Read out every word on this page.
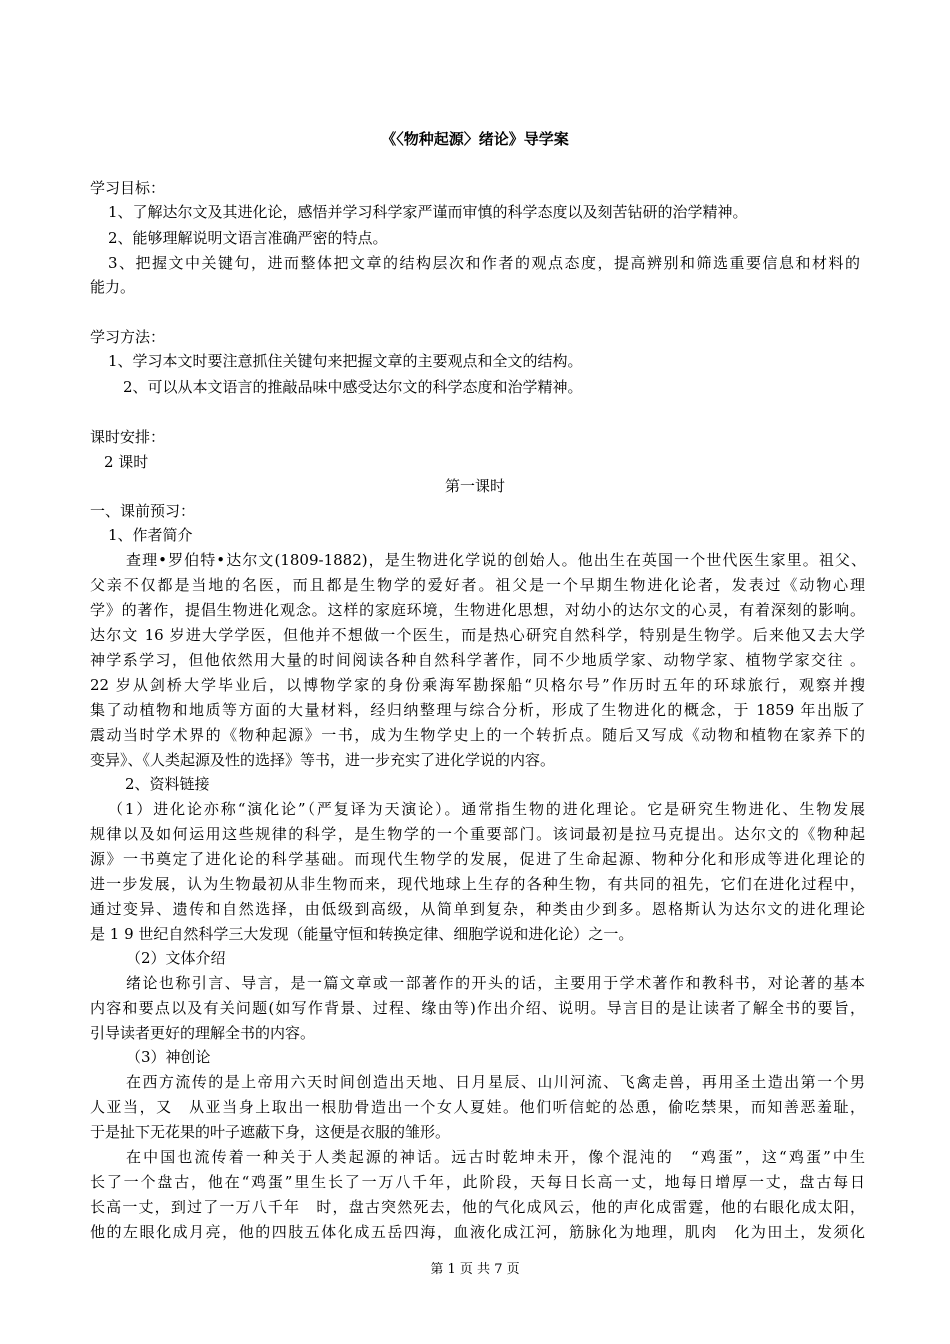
《〈物种起源〉绪论》导学案
学习目标：
1、了解达尔文及其进化论，感悟并学习科学家严谨而审慎的科学态度以及刻苦钻研的治学精神。
2、能够理解说明文语言准确严密的特点。
3、把握文中关键句，进而整体把文章的结构层次和作者的观点态度，提高辨别和筛选重要信息和材料的
能力。
学习方法：
1、学习本文时要注意抓住关键句来把握文章的主要观点和全文的结构。
2、可以从本文语言的推敲品味中感受达尔文的科学态度和治学精神。
课时安排：
2 课时
第一课时
一、课前预习：
1、作者简介
查理•罗伯特•达尔文(1809-1882)，是生物进化学说的创始人。他出生在英国一个世代医生家里。祖父、
父亲不仅都是当地的名医，而且都是生物学的爱好者。祖父是一个早期生物进化论者，发表过《动物心理
学》的著作，提倡生物进化观念。这样的家庭环境，生物进化思想，对幼小的达尔文的心灵，有着深刻的影响。
达尔文 16 岁进大学学医，但他并不想做一个医生，而是热心研究自然科学，特别是生物学。后来他又去大学
神学系学习，但他依然用大量的时间阅读各种自然科学著作，同不少地质学家、动物学家、植物学家交往 。
22 岁从剑桥大学毕业后，以博物学家的身份乘海军勘探船“贝格尔号”作历时五年的环球旅行，观察并搜
集了动植物和地质等方面的大量材料，经归纳整理与综合分析，形成了生物进化的概念，于 1859 年出版了
震动当时学术界的《物种起源》一书，成为生物学史上的一个转折点。随后又写成《动物和植物在家养下的
变异》、《人类起源及性的选择》等书，进一步充实了进化学说的内容。
2、资料链接
（1）进化论亦称“演化论”（严复译为天演论）。通常指生物的进化理论。它是研究生物进化、生物发展
规律以及如何运用这些规律的科学，是生物学的一个重要部门。该词最初是拉马克提出。达尔文的《物种起
源》一书奠定了进化论的科学基础。而现代生物学的发展，促进了生命起源、物种分化和形成等进化理论的
进一步发展，认为生物最初从非生物而来，现代地球上生存的各种生物，有共同的祖先，它们在进化过程中，
通过变异、遗传和自然选择，由低级到高级，从简单到复杂，种类由少到多。恩格斯认为达尔文的进化理论
是 1 9 世纪自然科学三大发现（能量守恒和转换定律、细胞学说和进化论）之一。
（2）文体介绍
绪论也称引言、导言，是一篇文章或一部著作的开头的话，主要用于学术著作和教科书，对论著的基本
内容和要点以及有关问题(如写作背景、过程、缘由等)作出介绍、说明。导言目的是让读者了解全书的要旨，
引导读者更好的理解全书的内容。
（3）神创论
在西方流传的是上帝用六天时间创造出天地、日月星辰、山川河流、飞禽走兽，再用圣土造出第一个男
人亚当，又　从亚当身上取出一根肋骨造出一个女人夏娃。他们听信蛇的怂恿，偷吃禁果，而知善恶羞耻，
于是扯下无花果的叶子遮蔽下身，这便是衣服的雏形。
在中国也流传着一种关于人类起源的神话。远古时乾坤未开，像个混沌的　“鸡蛋”，这“鸡蛋”中生
长了一个盘古，他在“鸡蛋”里生长了一万八千年，此阶段，天每日长高一丈，地每日增厚一丈，盘古每日
长高一丈，到过了一万八千年　时，盘古突然死去，他的气化成风云，他的声化成雷霆，他的右眼化成太阳，
他的左眼化成月亮，他的四肢五体化成五岳四海，血液化成江河，筋脉化为地理，肌肉　化为田土，发须化
第 1 页 共 7 页
